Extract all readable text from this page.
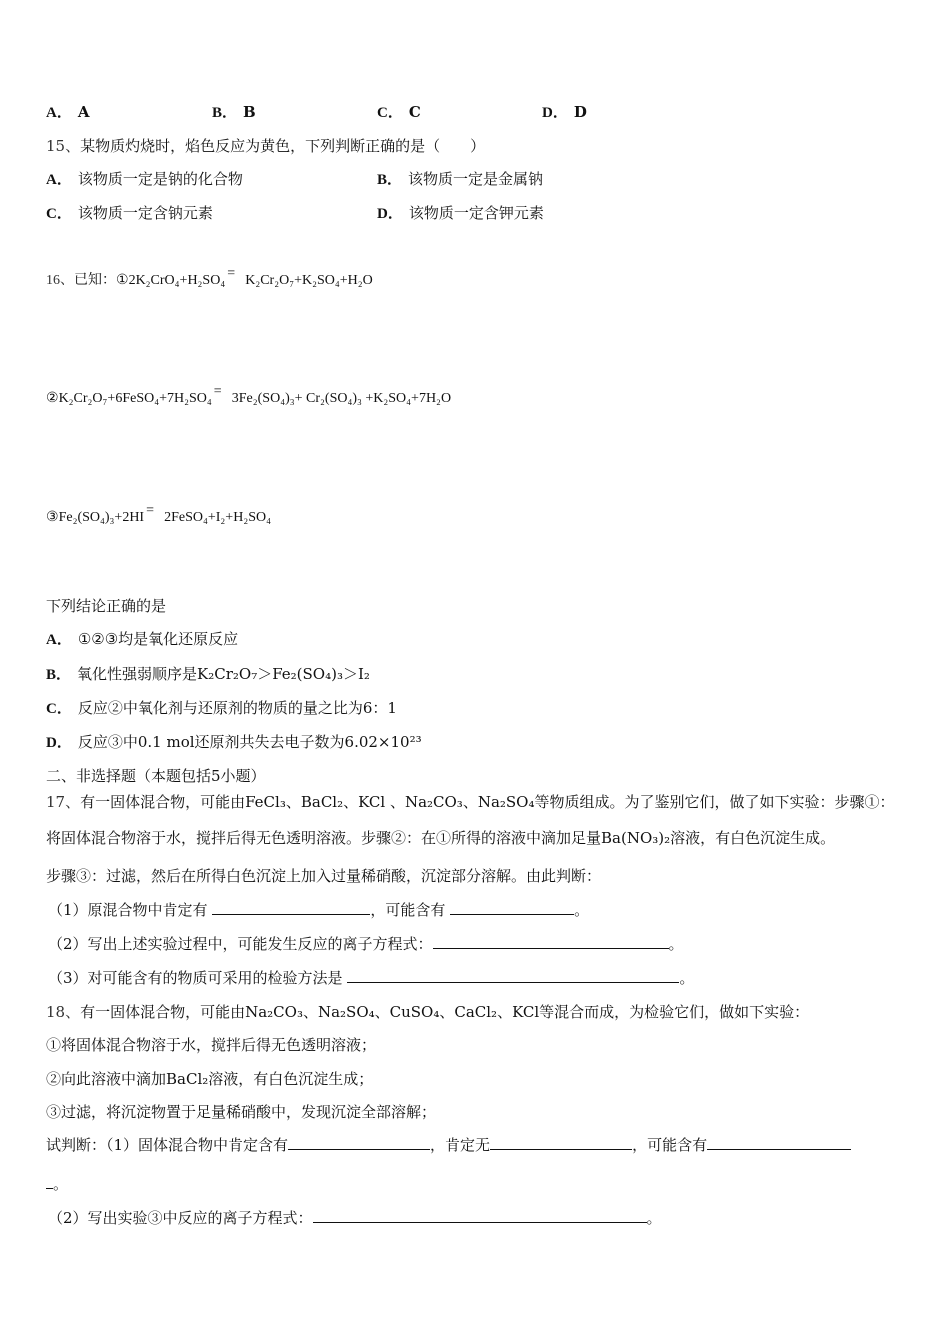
A． A	B． B	C． C	D． D
15、某物质灼烧时，焰色反应为黄色，下列判断正确的是（　　）
A． 该物质一定是钠的化合物	B． 该物质一定是金属钠
C． 该物质一定含钠元素	D． 该物质一定含钾元素
16、已知：①2K₂CrO₄+H₂SO₄ = K₂Cr₂O₇+K₂SO₄+H₂O
②K₂Cr₂O₇+6FeSO₄+7H₂SO₄ = 3Fe₂(SO₄)₃+ Cr₂(SO₄)₃ +K₂SO₄+7H₂O
③Fe₂(SO₄)₃+2HI = 2FeSO₄+I₂+H₂SO₄
下列结论正确的是
A． ①②③均是氧化还原反应
B． 氧化性强弱顺序是K₂Cr₂O₇＞Fe₂(SO₄)₃＞I₂
C． 反应②中氧化剂与还原剂的物质的量之比为6：1
D． 反应③中0.1 mol还原剂共失去电子数为6.02×10²³
二、非选择题（本题包括5小题）
17、有一固体混合物，可能由FeCl₃、BaCl₂、KCl 、Na₂CO₃、Na₂SO₄等物质组成。为了鉴别它们，做了如下实验：步骤①：
将固体混合物溶于水，搅拌后得无色透明溶液。步骤②：在①所得的溶液中滴加足量Ba(NO₃)₂溶液，有白色沉淀生成。
步骤③：过滤，然后在所得白色沉淀上加入过量稀硝酸，沉淀部分溶解。由此判断：
（1）原混合物中肯定有	，可能含有	。
（2）写出上述实验过程中，可能发生反应的离子方程式：	。
（3）对可能含有的物质可采用的检验方法是	。
18、有一固体混合物，可能由Na₂CO₃、Na₂SO₄、CuSO₄、CaCl₂、KCl等混合而成，为检验它们，做如下实验：
①将固体混合物溶于水，搅拌后得无色透明溶液；
②向此溶液中滴加BaCl₂溶液，有白色沉淀生成；
③过滤，将沉淀物置于足量稀硝酸中，发现沉淀全部溶解；
试判断：（1）固体混合物中肯定含有	，肯定无	，可能含有
。
（2）写出实验③中反应的离子方程式：	。
